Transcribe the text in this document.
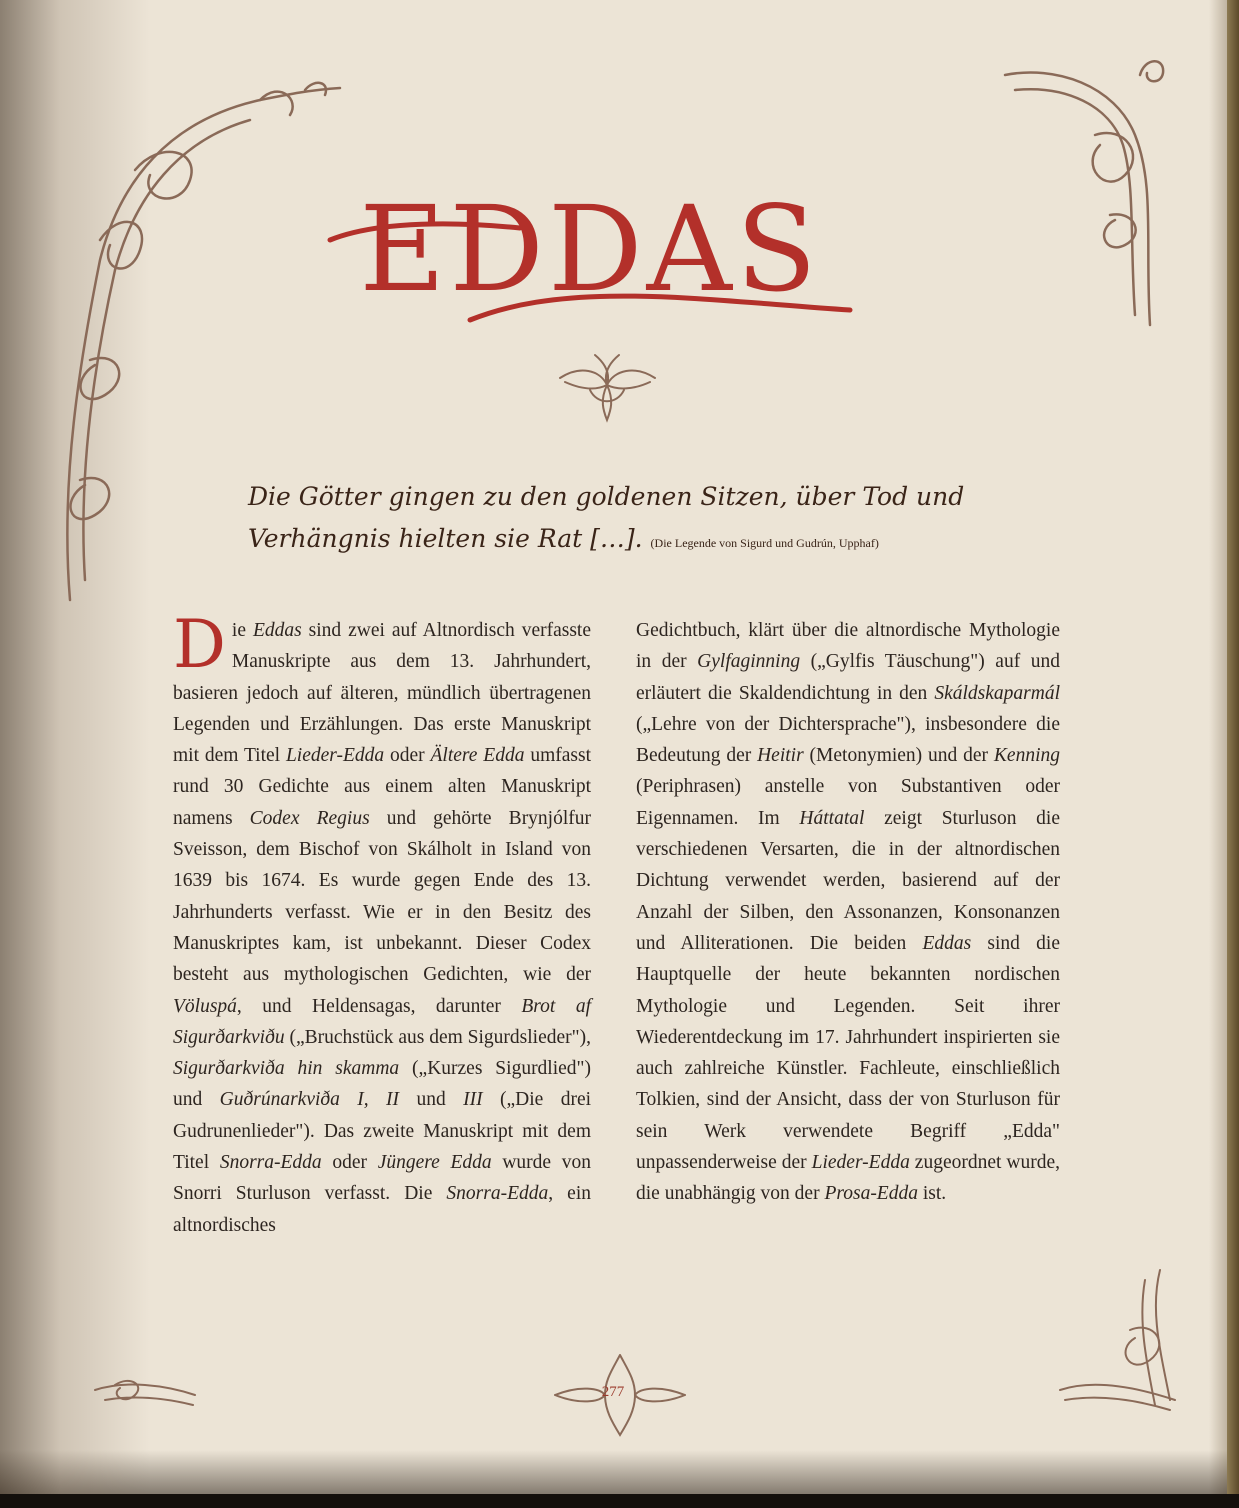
EDDAS
Die Götter gingen zu den goldenen Sitzen, über Tod und
Verhängnis hielten sie Rat […]. (Die Legende von Sigurd und Gudrún, Upphaf)

Die Eddas sind zwei auf Altnordisch verfasste Manuskripte aus dem 13. Jahrhundert, basieren jedoch auf älteren, mündlich übertragenen Legenden und Erzählungen. Das erste Manuskript mit dem Titel Lieder-Edda oder Ältere Edda umfasst rund 30 Gedichte aus einem alten Manuskript namens Codex Regius und gehörte Brynjólfur Sveisson, dem Bischof von Skálholt in Island von 1639 bis 1674. Es wurde gegen Ende des 13. Jahrhunderts verfasst. Wie er in den Besitz des Manuskriptes kam, ist unbekannt. Dieser Codex besteht aus mythologischen Gedichten, wie der Völuspá, und Heldensagas, darunter Brot af Sigurðarkviðu („Bruchstück aus dem Sigurdslieder"), Sigurðarkviða hin skamma („Kurzes Sigurdlied") und Guðrúnarkviða I, II und III („Die drei Gudrunenlieder"). Das zweite Manuskript mit dem Titel Snorra-Edda oder Jüngere Edda wurde von Snorri Sturluson verfasst. Die Snorra-Edda, ein altnordisches

Gedichtbuch, klärt über die altnordische Mythologie in der Gylfaginning („Gylfis Täuschung") auf und erläutert die Skaldendichtung in den Skáldskaparmál („Lehre von der Dichtersprache"), insbesondere die Bedeutung der Heitir (Metonymien) und der Kenning (Periphrasen) anstelle von Substantiven oder Eigennamen. Im Háttatal zeigt Sturluson die verschiedenen Versarten, die in der altnordischen Dichtung verwendet werden, basierend auf der Anzahl der Silben, den Assonanzen, Konsonanzen und Alliterationen. Die beiden Eddas sind die Hauptquelle der heute bekannten nordischen Mythologie und Legenden. Seit ihrer Wiederentdeckung im 17. Jahrhundert inspirierten sie auch zahlreiche Künstler. Fachleute, einschließlich Tolkien, sind der Ansicht, dass der von Sturluson für sein Werk verwendete Begriff „Edda" unpassenderweise der Lieder-Edda zugeordnet wurde, die unabhängig von der Prosa-Edda ist.

277
